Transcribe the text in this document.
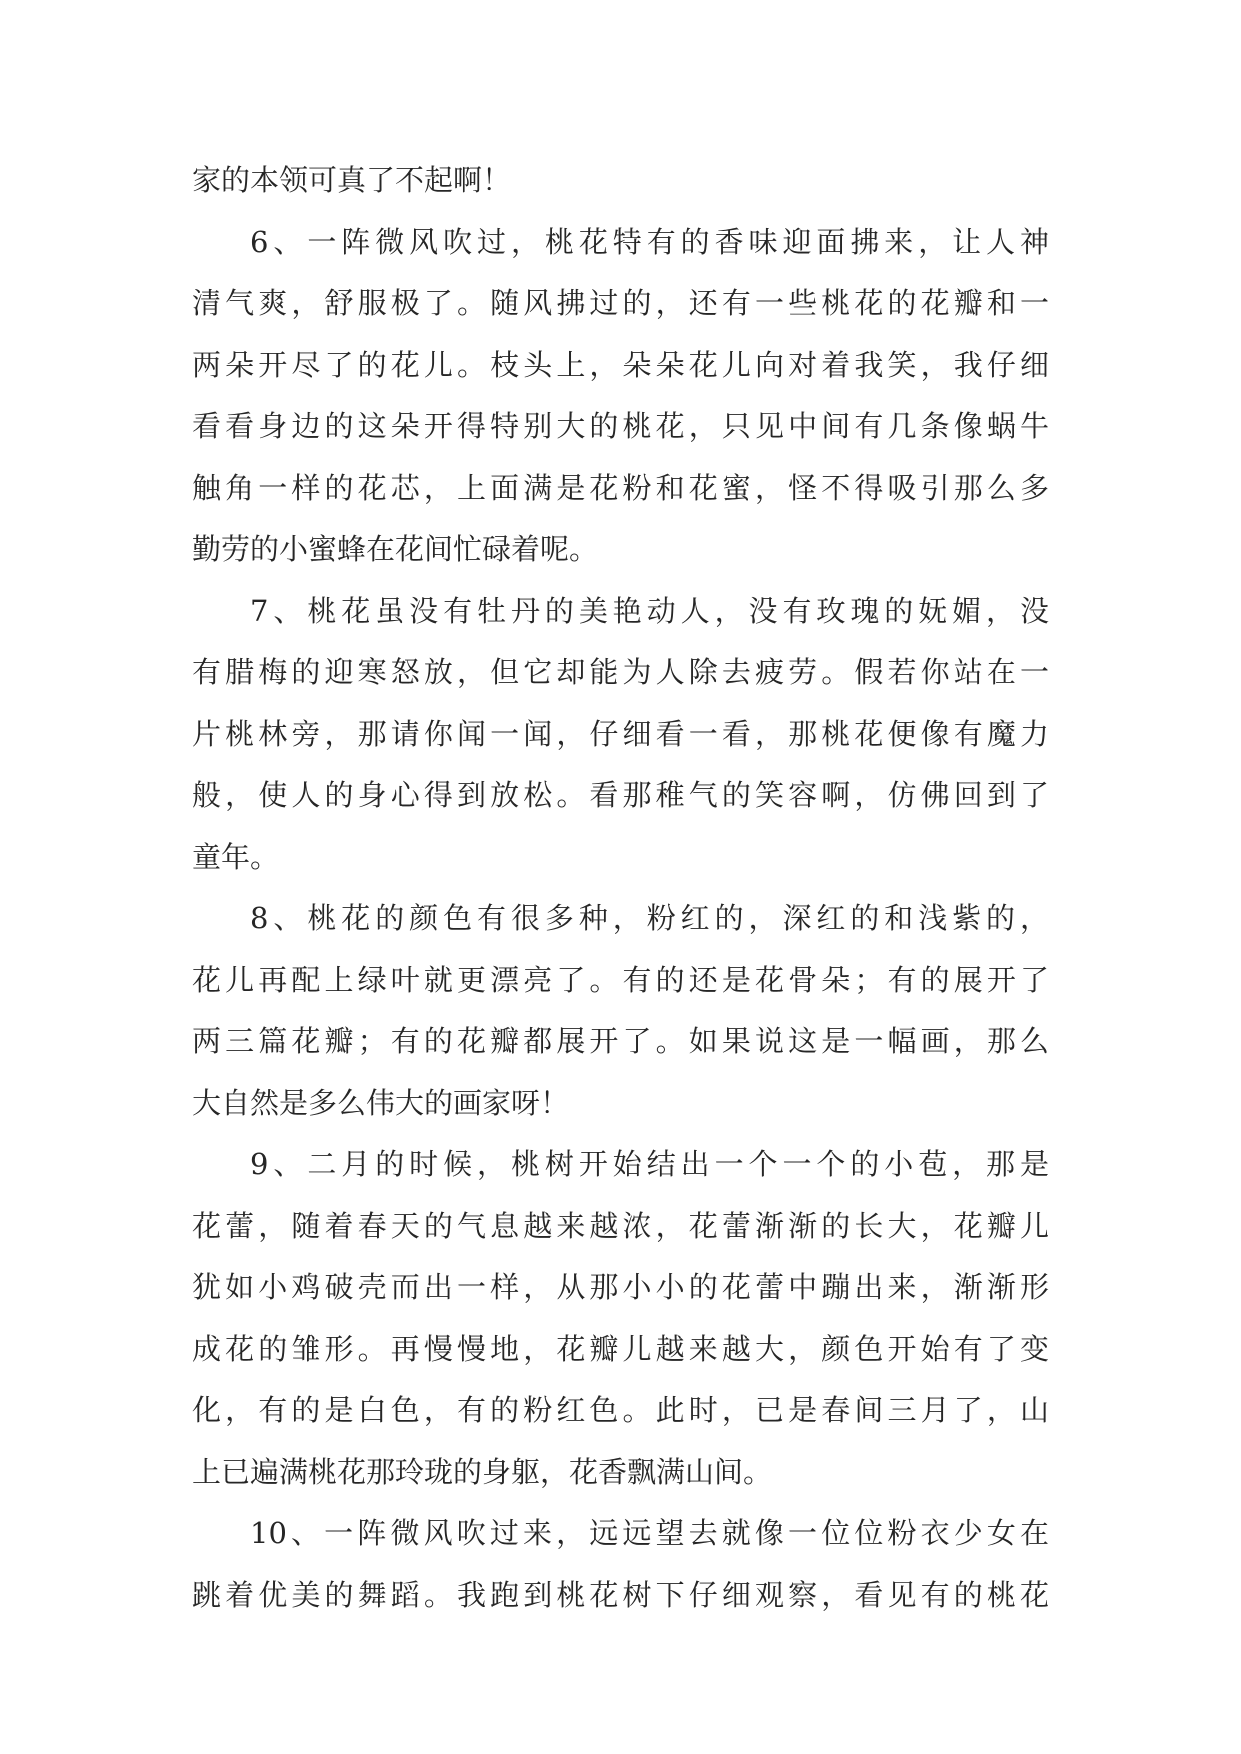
家的本领可真了不起啊！
6、一阵微风吹过，桃花特有的香味迎面拂来，让人神
清气爽，舒服极了。随风拂过的，还有一些桃花的花瓣和一
两朵开尽了的花儿。枝头上，朵朵花儿向对着我笑，我仔细
看看身边的这朵开得特别大的桃花，只见中间有几条像蜗牛
触角一样的花芯，上面满是花粉和花蜜，怪不得吸引那么多
勤劳的小蜜蜂在花间忙碌着呢。
7、桃花虽没有牡丹的美艳动人，没有玫瑰的妩媚，没
有腊梅的迎寒怒放，但它却能为人除去疲劳。假若你站在一
片桃林旁，那请你闻一闻，仔细看一看，那桃花便像有魔力
般，使人的身心得到放松。看那稚气的笑容啊，仿佛回到了
童年。
8、桃花的颜色有很多种，粉红的，深红的和浅紫的，
花儿再配上绿叶就更漂亮了。有的还是花骨朵；有的展开了
两三篇花瓣；有的花瓣都展开了。如果说这是一幅画，那么
大自然是多么伟大的画家呀！
9、二月的时候，桃树开始结出一个一个的小苞，那是
花蕾，随着春天的气息越来越浓，花蕾渐渐的长大，花瓣儿
犹如小鸡破壳而出一样，从那小小的花蕾中蹦出来，渐渐形
成花的雏形。再慢慢地，花瓣儿越来越大，颜色开始有了变
化，有的是白色，有的粉红色。此时，已是春间三月了，山
上已遍满桃花那玲珑的身躯，花香飘满山间。
10、一阵微风吹过来，远远望去就像一位位粉衣少女在
跳着优美的舞蹈。我跑到桃花树下仔细观察，看见有的桃花
